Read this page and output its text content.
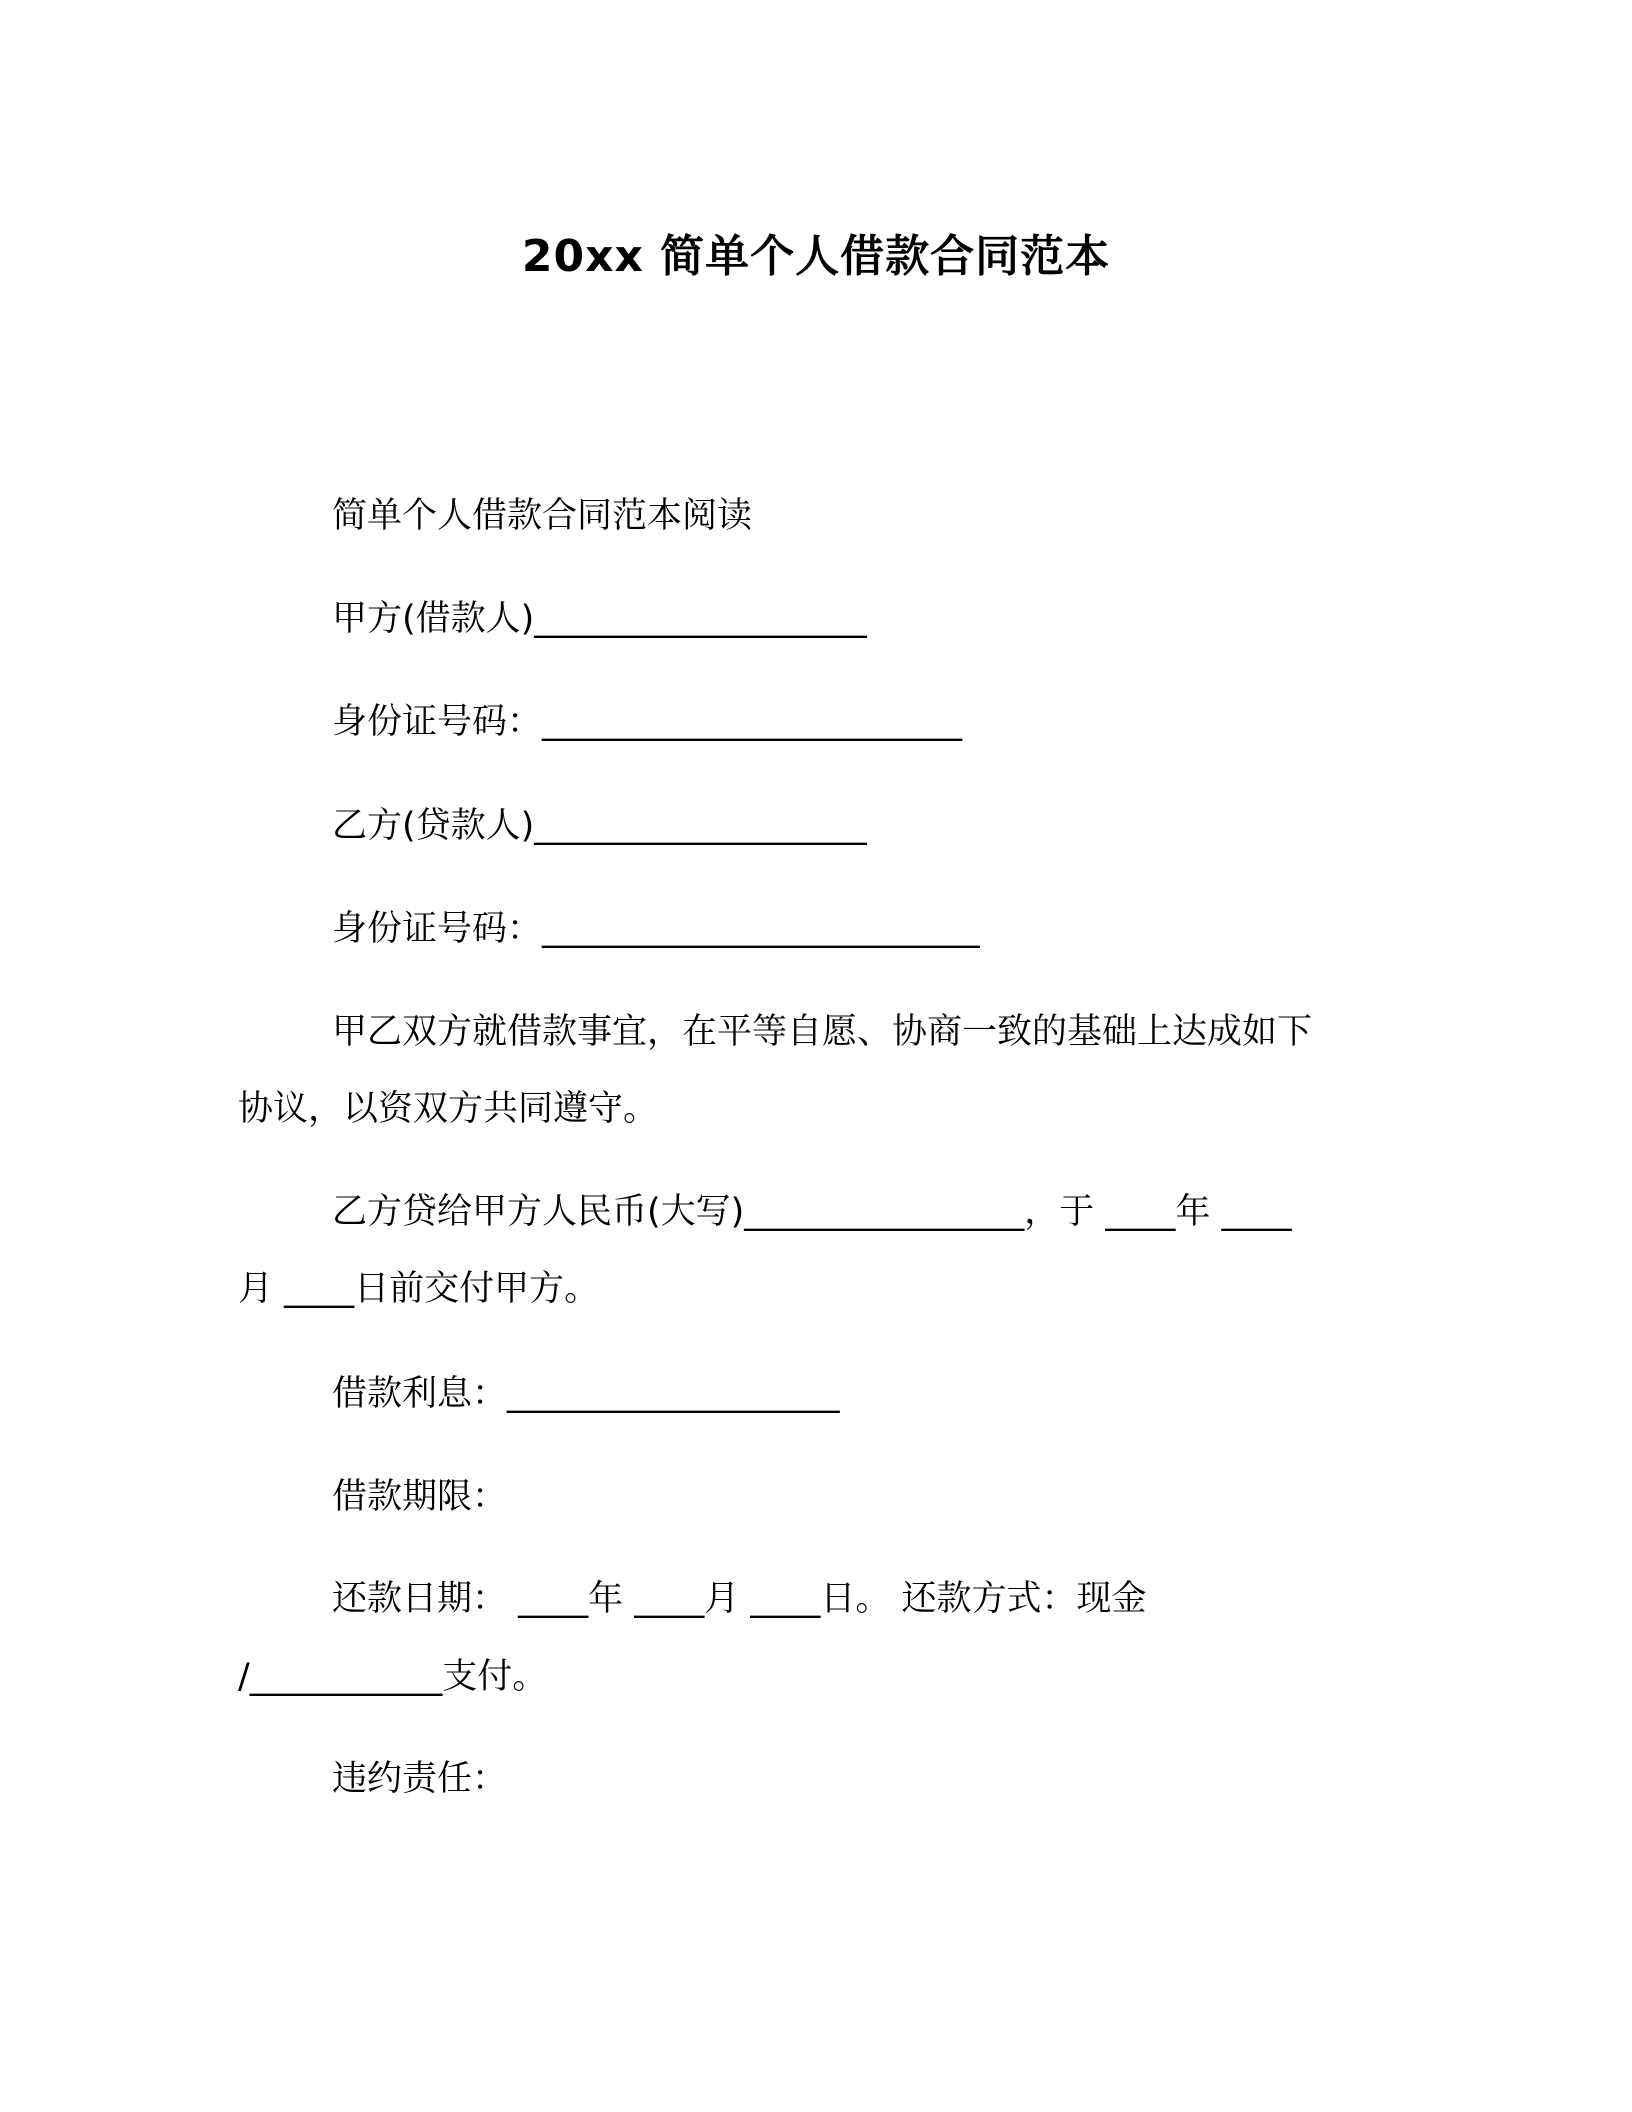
20xx 简单个人借款合同范本
简单个人借款合同范本阅读
甲方(借款人)___________________
身份证号码：________________________
乙方(贷款人)___________________
身份证号码：_________________________
甲乙双方就借款事宜，在平等自愿、协商一致的基础上达成如下
协议，以资双方共同遵守。
乙方贷给甲方人民币(大写)________________，于 ____年 ____
月 ____日前交付甲方。
借款利息：___________________
借款期限：
还款日期： ____年 ____月 ____日。 还款方式：现金
/___________支付。
违约责任：
